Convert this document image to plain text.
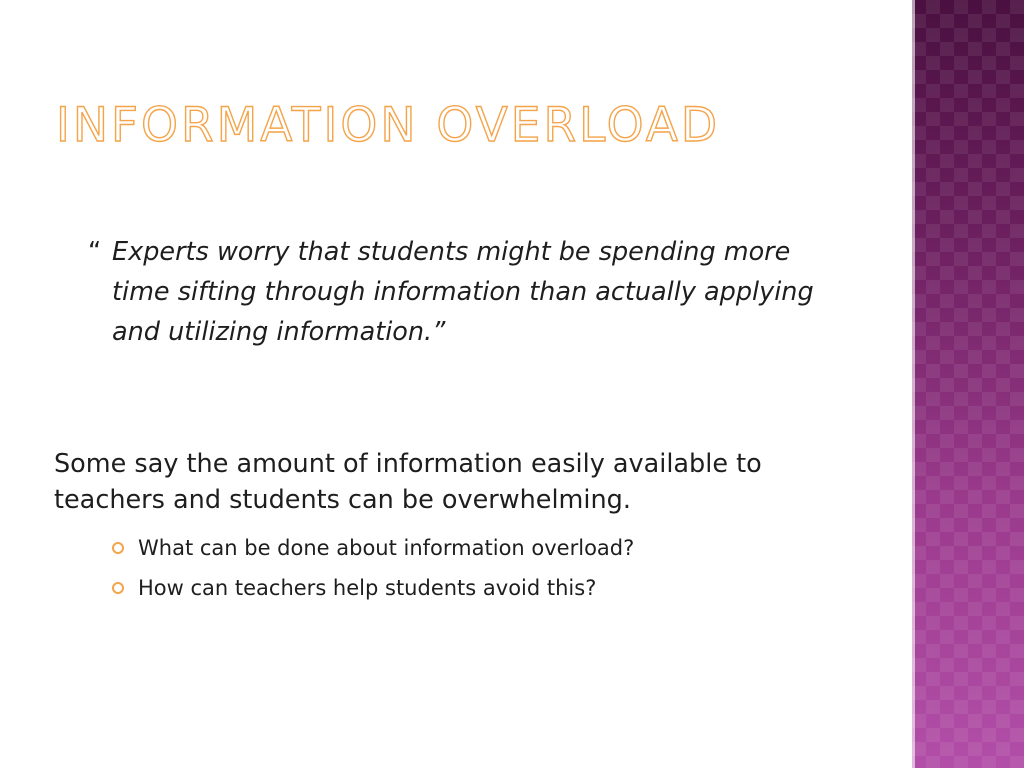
INFORMATION OVERLOAD
“ Experts worry that students might be spending more time sifting through information than actually applying and utilizing information.”

Some say the amount of information easily available to teachers and students can be overwhelming.

What can be done about information overload?
How can teachers help students avoid this?
